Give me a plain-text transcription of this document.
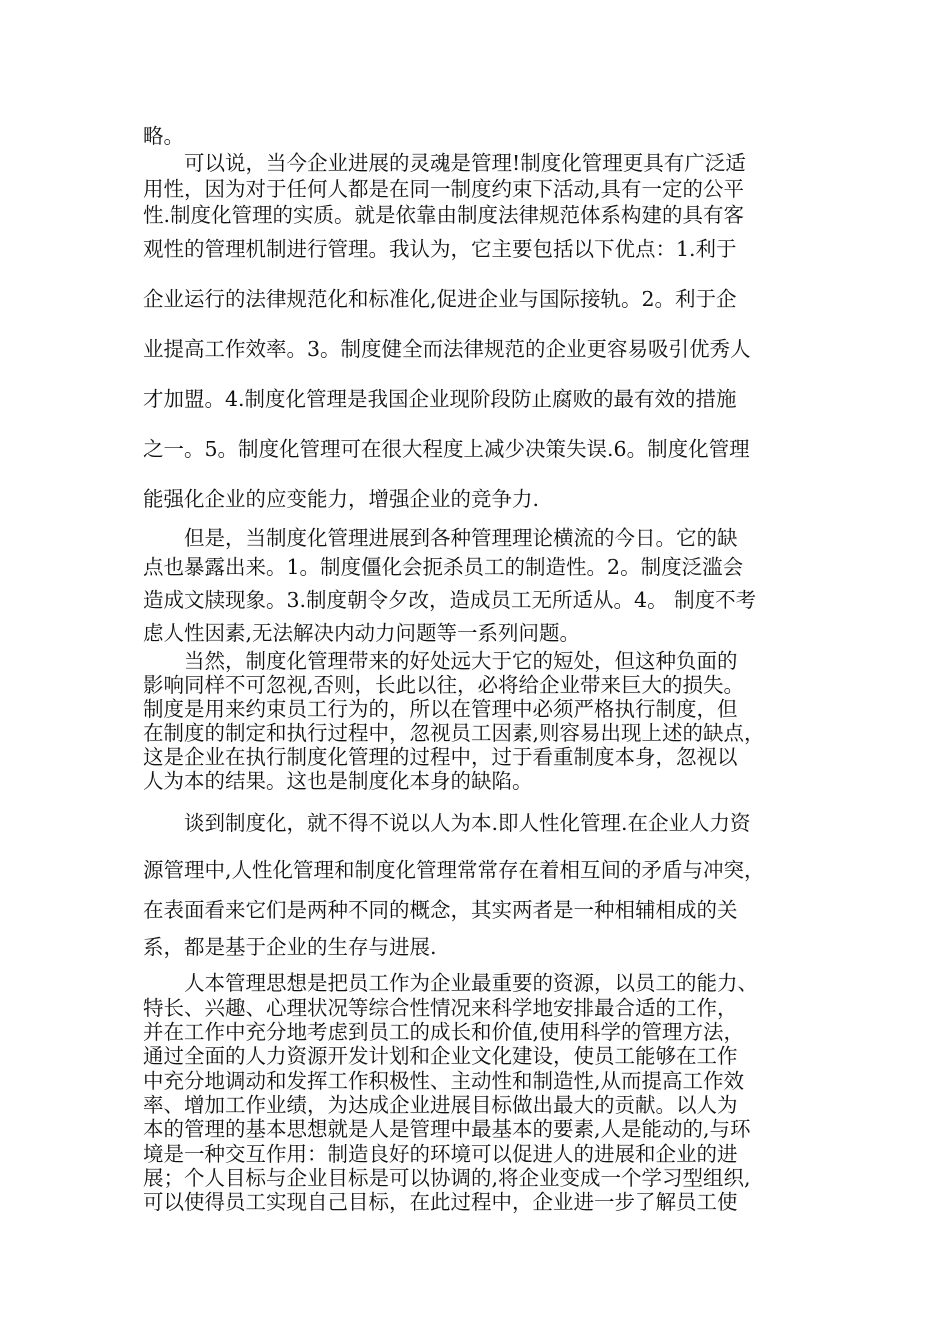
略。
可以说，当今企业进展的灵魂是管理!制度化管理更具有广泛适
用性，因为对于任何人都是在同一制度约束下活动,具有一定的公平
性.制度化管理的实质。就是依靠由制度法律规范体系构建的具有客
观性的管理机制进行管理。我认为，它主要包括以下优点：1.利于
企业运行的法律规范化和标准化,促进企业与国际接轨。2。利于企
业提高工作效率。3。制度健全而法律规范的企业更容易吸引优秀人
才加盟。4.制度化管理是我国企业现阶段防止腐败的最有效的措施
之一。5。制度化管理可在很大程度上减少决策失误.6。制度化管理
能强化企业的应变能力，增强企业的竞争力.
但是，当制度化管理进展到各种管理理论横流的今日。它的缺
点也暴露出来。1。制度僵化会扼杀员工的制造性。2。制度泛滥会
造成文牍现象。3.制度朝令夕改，造成员工无所适从。4。 制度不考
虑人性因素,无法解决内动力问题等一系列问题。
当然，制度化管理带来的好处远大于它的短处，但这种负面的
影响同样不可忽视,否则，长此以往，必将给企业带来巨大的损失。
制度是用来约束员工行为的，所以在管理中必须严格执行制度，但
在制度的制定和执行过程中，忽视员工因素,则容易出现上述的缺点，
这是企业在执行制度化管理的过程中，过于看重制度本身，忽视以
人为本的结果。这也是制度化本身的缺陷。
谈到制度化，就不得不说以人为本.即人性化管理.在企业人力资
源管理中,人性化管理和制度化管理常常存在着相互间的矛盾与冲突，
在表面看来它们是两种不同的概念，其实两者是一种相辅相成的关
系，都是基于企业的生存与进展.
人本管理思想是把员工作为企业最重要的资源，以员工的能力、
特长、兴趣、心理状况等综合性情况来科学地安排最合适的工作，
并在工作中充分地考虑到员工的成长和价值,使用科学的管理方法，
通过全面的人力资源开发计划和企业文化建设，使员工能够在工作
中充分地调动和发挥工作积极性、主动性和制造性,从而提高工作效
率、增加工作业绩，为达成企业进展目标做出最大的贡献。以人为
本的管理的基本思想就是人是管理中最基本的要素,人是能动的,与环
境是一种交互作用：制造良好的环境可以促进人的进展和企业的进
展；个人目标与企业目标是可以协调的,将企业变成一个学习型组织,
可以使得员工实现自己目标，在此过程中，企业进一步了解员工使
